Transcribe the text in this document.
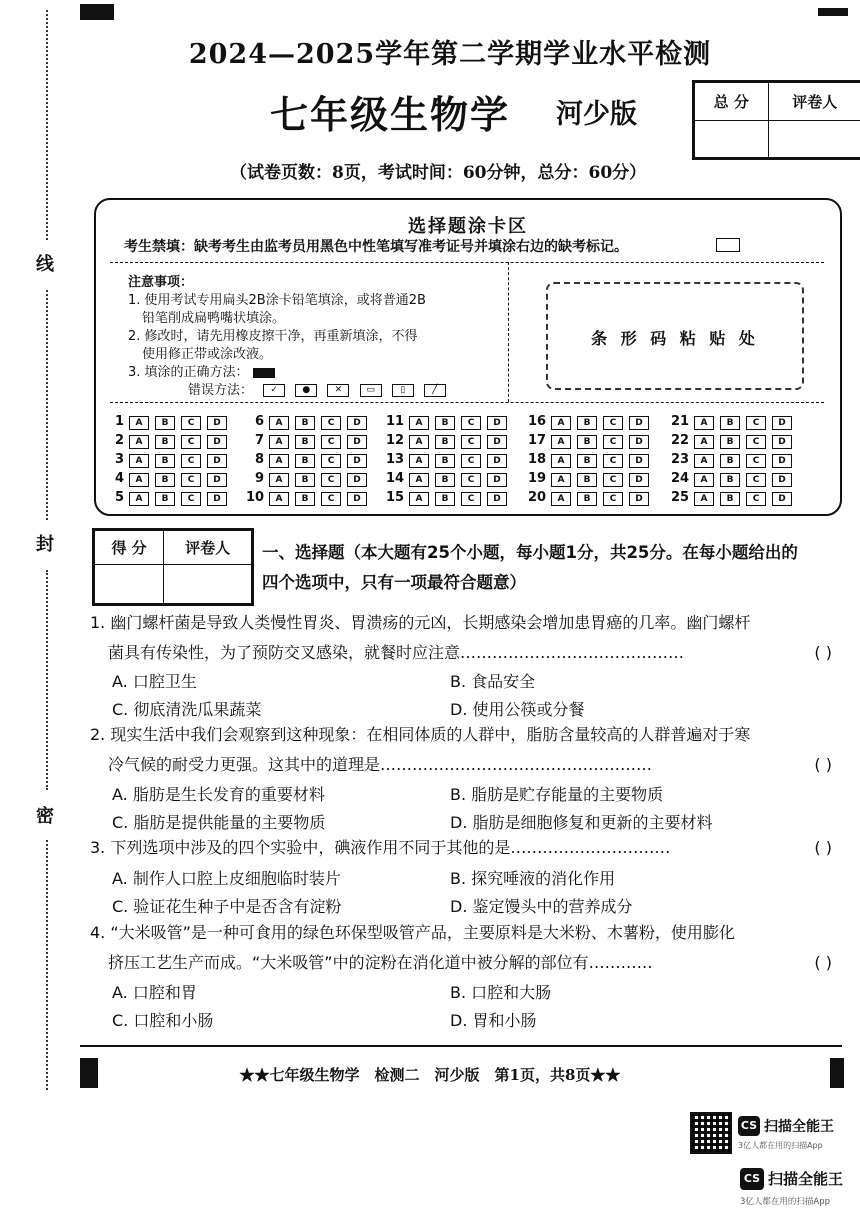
线
封
密
2024—2025学年第二学期学业水平检测
七年级生物学 河少版
（试卷页数：8页，考试时间：60分钟，总分：60分）
总 分	评卷人

选择题涂卡区
考生禁填：缺考考生由监考员用黑色中性笔填写准考证号并填涂右边的缺考标记。
注意事项：
1. 使用考试专用扁头2B涂卡铅笔填涂，或将普通2B
铅笔削成扁鸭嘴状填涂。
2. 修改时，请先用橡皮擦干净，再重新填涂，不得
使用修正带或涂改液。
3. 填涂的正确方法：
错误方法： ✓	●	✕	▭	▯	╱
条 形 码 粘 贴 处
1 A B C D
2 A B C D
3 A B C D
4 A B C D
5 A B C D
6 A B C D
7 A B C D
8 A B C D
9 A B C D
10 A B C D
11 A B C D
12 A B C D
13 A B C D
14 A B C D
15 A B C D
16 A B C D
17 A B C D
18 A B C D
19 A B C D
20 A B C D
21 A B C D
22 A B C D
23 A B C D
24 A B C D
25 A B C D
得 分	评卷人
	一、选择题（本大题有25个小题，每小题1分，共25分。在每小题给出的
四个选项中，只有一项最符合题意）
1. 幽门螺杆菌是导致人类慢性胃炎、胃溃疡的元凶，长期感染会增加患胃癌的几率。幽门螺杆
菌具有传染性，为了预防交叉感染，就餐时应注意……………………………………	( )
A. 口腔卫生	B. 食品安全
C. 彻底清洗瓜果蔬菜	D. 使用公筷或分餐
2. 现实生活中我们会观察到这种现象：在相同体质的人群中，脂肪含量较高的人群普遍对于寒
冷气候的耐受力更强。这其中的道理是……………………………………………	( )
A. 脂肪是生长发育的重要材料	B. 脂肪是贮存能量的主要物质
C. 脂肪是提供能量的主要物质	D. 脂肪是细胞修复和更新的主要材料
3. 下列选项中涉及的四个实验中，碘液作用不同于其他的是…………………………	( )
A. 制作人口腔上皮细胞临时装片	B. 探究唾液的消化作用
C. 验证花生种子中是否含有淀粉	D. 鉴定馒头中的营养成分
4. “大米吸管”是一种可食用的绿色环保型吸管产品，主要原料是大米粉、木薯粉，使用膨化
挤压工艺生产而成。“大米吸管”中的淀粉在消化道中被分解的部位有…………	( )
A. 口腔和胃	B. 口腔和大肠
C. 口腔和小肠	D. 胃和小肠
★★七年级生物学　检测二　河少版　第1页，共8页★★
CS 扫描全能王
3亿人都在用的扫描App
CS 扫描全能王
3亿人都在用的扫描App
